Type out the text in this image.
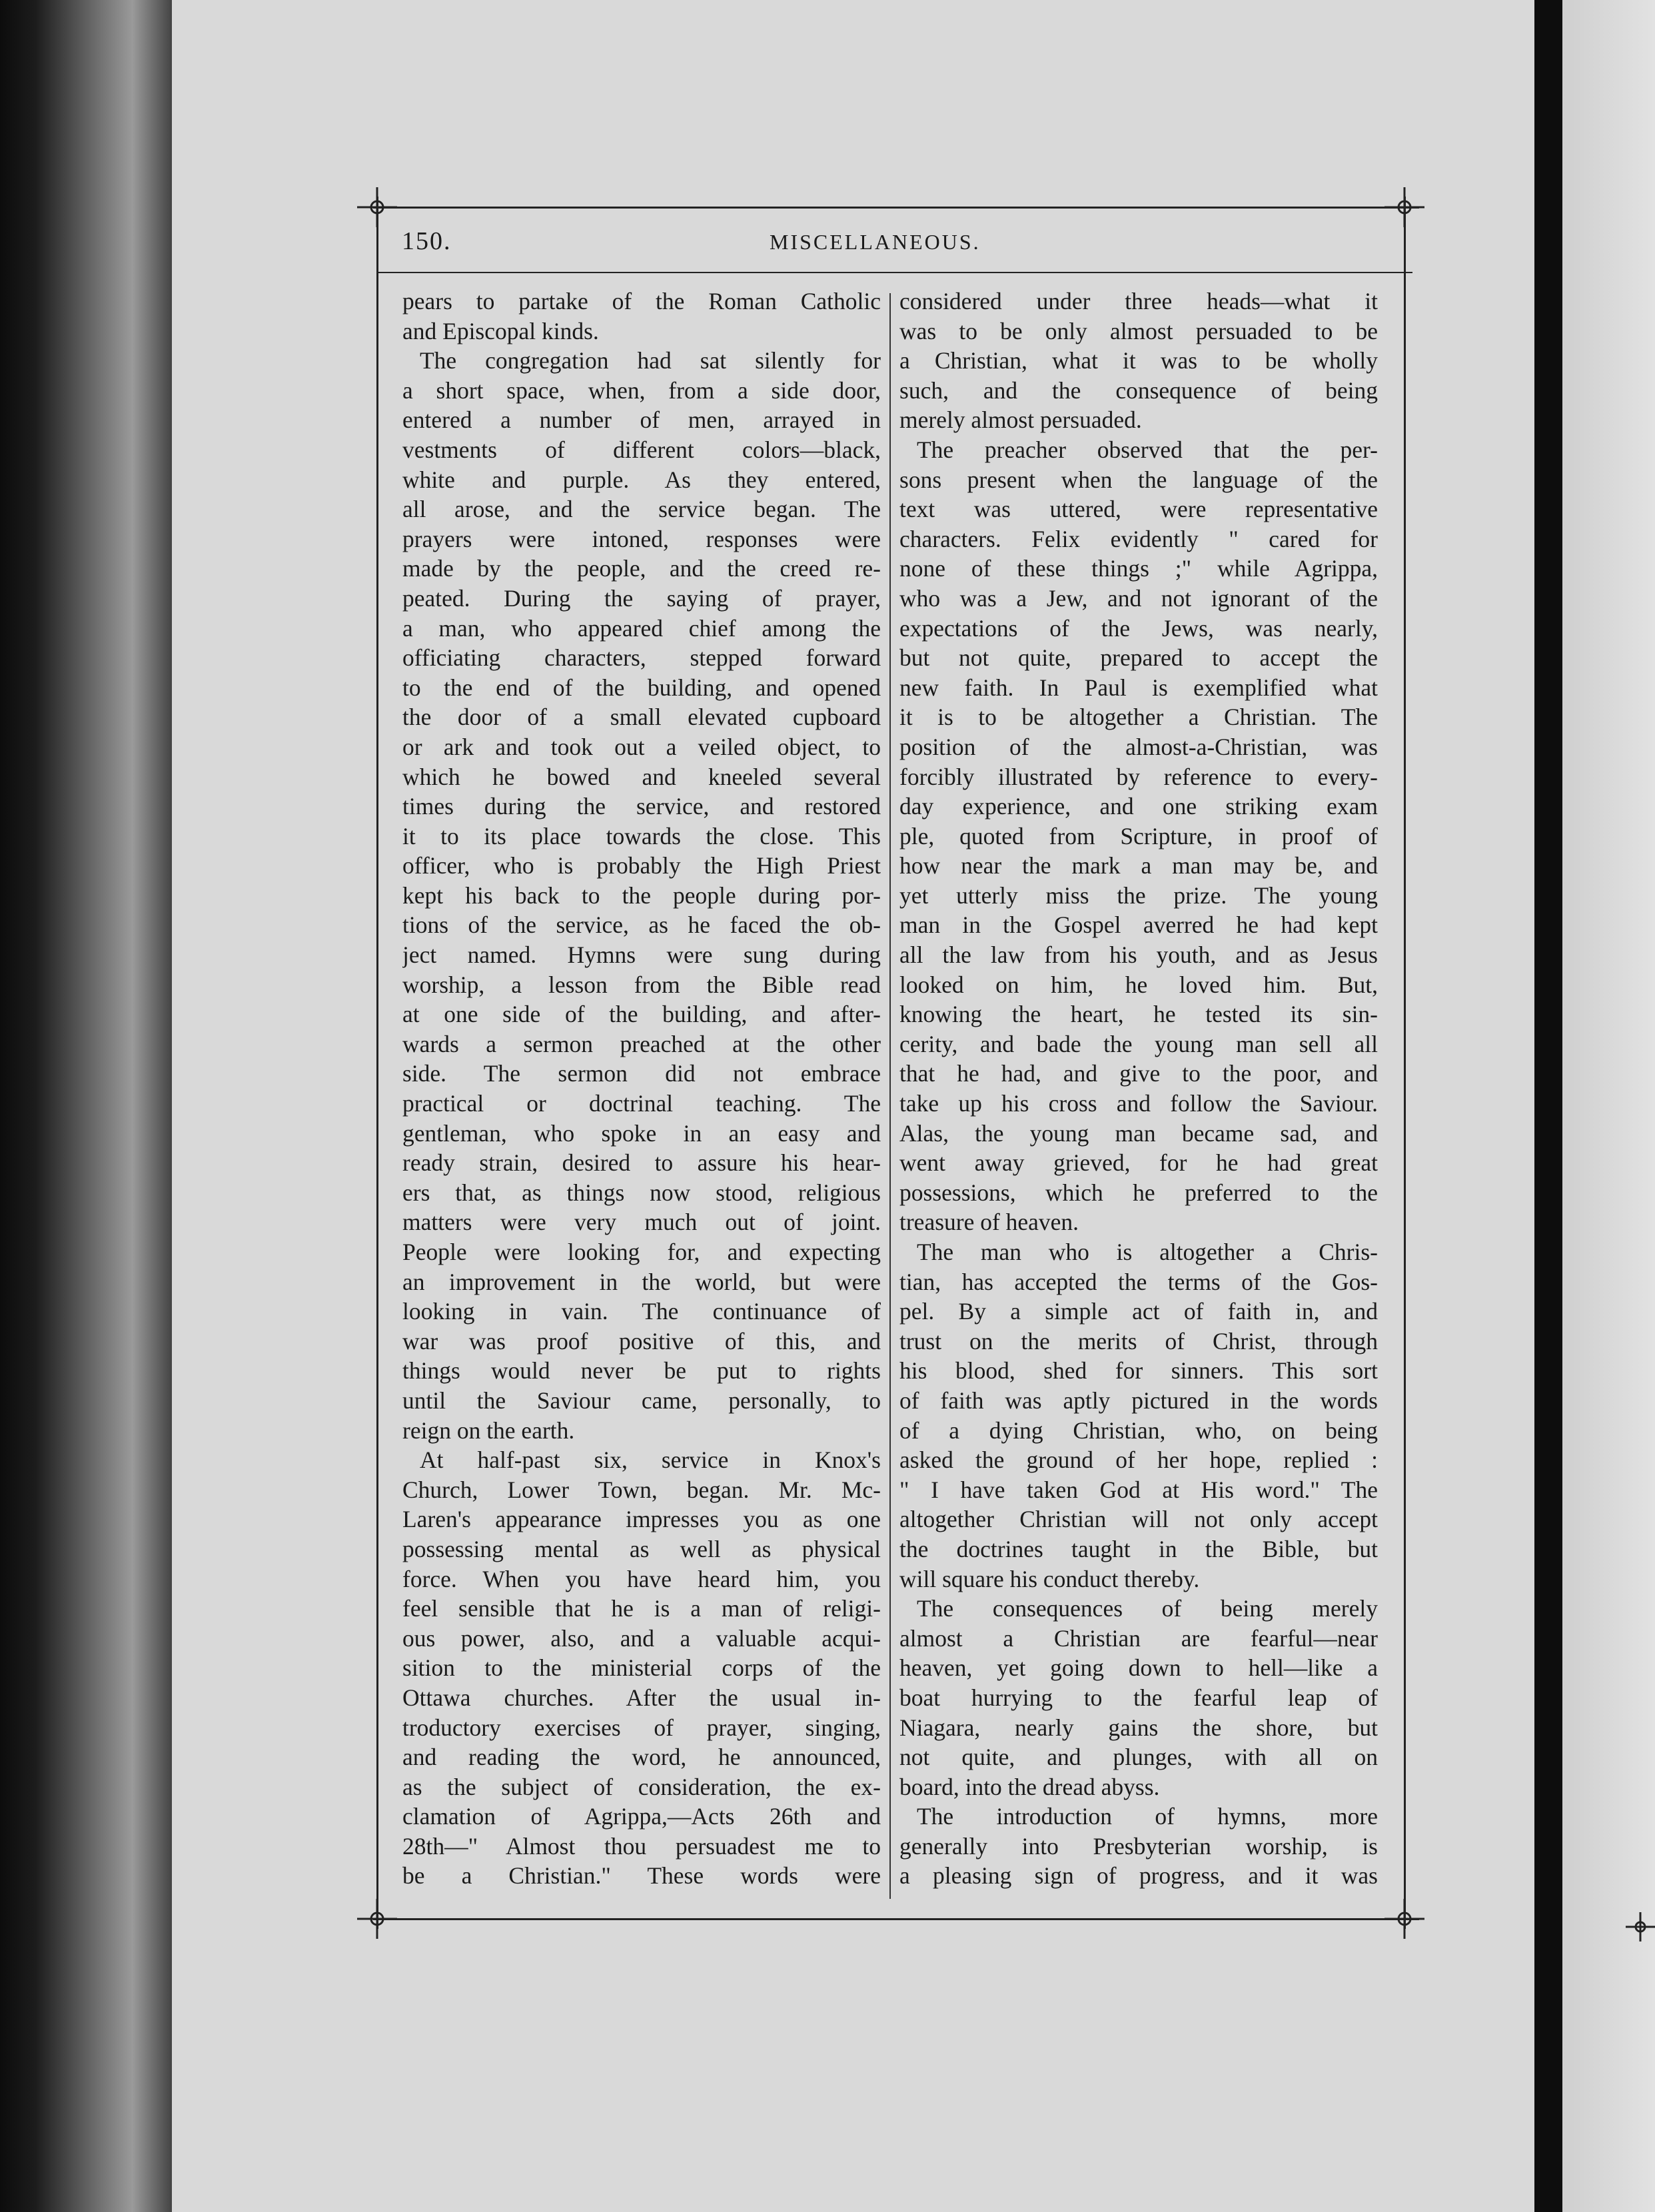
150.	MISCELLANEOUS.
pears to partake of the Roman Catholic
and Episcopal kinds.
The congregation had sat silently for
a short space, when, from a side door,
entered a number of men, arrayed in
vestments of different colors—black,
white and purple. As they entered,
all arose, and the service began. The
prayers were intoned, responses were
made by the people, and the creed re-
peated. During the saying of prayer,
a man, who appeared chief among the
officiating characters, stepped forward
to the end of the building, and opened
the door of a small elevated cupboard
or ark and took out a veiled object, to
which he bowed and kneeled several
times during the service, and restored
it to its place towards the close. This
officer, who is probably the High Priest
kept his back to the people during por-
tions of the service, as he faced the ob-
ject named. Hymns were sung during
worship, a lesson from the Bible read
at one side of the building, and after-
wards a sermon preached at the other
side. The sermon did not embrace
practical or doctrinal teaching. The
gentleman, who spoke in an easy and
ready strain, desired to assure his hear-
ers that, as things now stood, religious
matters were very much out of joint.
People were looking for, and expecting
an improvement in the world, but were
looking in vain. The continuance of
war was proof positive of this, and
things would never be put to rights
until the Saviour came, personally, to
reign on the earth.
At half-past six, service in Knox's
Church, Lower Town, began. Mr. Mc-
Laren's appearance impresses you as one
possessing mental as well as physical
force. When you have heard him, you
feel sensible that he is a man of religi-
ous power, also, and a valuable acqui-
sition to the ministerial corps of the
Ottawa churches. After the usual in-
troductory exercises of prayer, singing,
and reading the word, he announced,
as the subject of consideration, the ex-
clamation of Agrippa,—Acts 26th and
28th—" Almost thou persuadest me to
be a Christian." These words were
considered under three heads—what it
was to be only almost persuaded to be
a Christian, what it was to be wholly
such, and the consequence of being
merely almost persuaded.
The preacher observed that the per-
sons present when the language of the
text was uttered, were representative
characters. Felix evidently " cared for
none of these things ;" while Agrippa,
who was a Jew, and not ignorant of the
expectations of the Jews, was nearly,
but not quite, prepared to accept the
new faith. In Paul is exemplified what
it is to be altogether a Christian. The
position of the almost-a-Christian, was
forcibly illustrated by reference to every-
day experience, and one striking exam
ple, quoted from Scripture, in proof of
how near the mark a man may be, and
yet utterly miss the prize. The young
man in the Gospel averred he had kept
all the law from his youth, and as Jesus
looked on him, he loved him. But,
knowing the heart, he tested its sin-
cerity, and bade the young man sell all
that he had, and give to the poor, and
take up his cross and follow the Saviour.
Alas, the young man became sad, and
went away grieved, for he had great
possessions, which he preferred to the
treasure of heaven.
The man who is altogether a Chris-
tian, has accepted the terms of the Gos-
pel. By a simple act of faith in, and
trust on the merits of Christ, through
his blood, shed for sinners. This sort
of faith was aptly pictured in the words
of a dying Christian, who, on being
asked the ground of her hope, replied :
" I have taken God at His word." The
altogether Christian will not only accept
the doctrines taught in the Bible, but
will square his conduct thereby.
The consequences of being merely
almost a Christian are fearful—near
heaven, yet going down to hell—like a
boat hurrying to the fearful leap of
Niagara, nearly gains the shore, but
not quite, and plunges, with all on
board, into the dread abyss.
The introduction of hymns, more
generally into Presbyterian worship, is
a pleasing sign of progress, and it was
